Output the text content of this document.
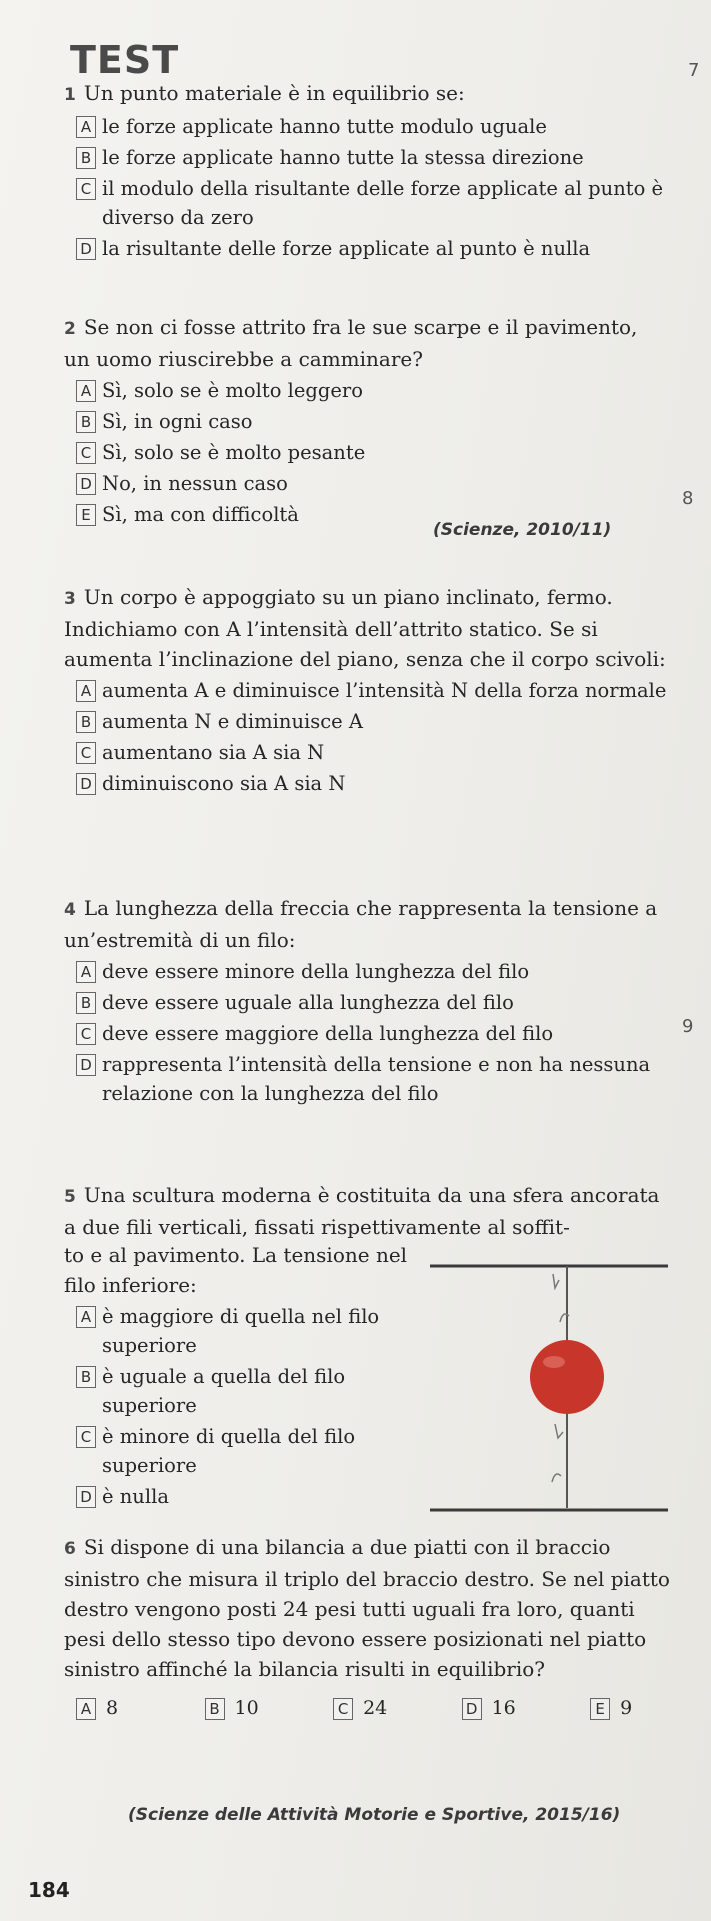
TEST	7
8
9

1 Un punto materiale è in equilibrio se:

A le forze applicate hanno tutte modulo uguale
B le forze applicate hanno tutte la stessa direzione
C il modulo della risultante delle forze applicate al punto è diverso da zero
D la risultante delle forze applicate al punto è nulla

2 Se non ci fosse attrito fra le sue scarpe e il pavimento, un uomo riuscirebbe a camminare?

A Sì, solo se è molto leggero
B Sì, in ogni caso
C Sì, solo se è molto pesante
D No, in nessun caso
E Sì, ma con difficoltà
(Scienze, 2010/11)

3 Un corpo è appoggiato su un piano inclinato, fermo. Indichiamo con A l’intensità dell’attrito statico. Se si aumenta l’inclinazione del piano, senza che il corpo scivoli:

A aumenta A e diminuisce l’intensità N della forza normale
B aumenta N e diminuisce A
C aumentano sia A sia N
D diminuiscono sia A sia N

4 La lunghezza della freccia che rappresenta la tensione a un’estremità di un filo:

A deve essere minore della lunghezza del filo
B deve essere uguale alla lunghezza del filo
C deve essere maggiore della lunghezza del filo
D rappresenta l’intensità della tensione e non ha nessuna relazione con la lunghezza del filo

5 Una scultura moderna è costituita da una sfera ancorata a due fili verticali, fissati rispettivamente al soffit-

to e al pavimento. La tensione nel filo inferiore:

A è maggiore di quella nel filo superiore
B è uguale a quella del filo superiore
C è minore di quella del filo superiore
D è nulla

6 Si dispone di una bilancia a due piatti con il braccio sinistro che misura il triplo del braccio destro. Se nel piatto destro vengono posti 24 pesi tutti uguali fra loro, quanti pesi dello stesso tipo devono essere posizionati nel piatto sinistro affinché la bilancia risulti in equilibrio?

A 8	B 10	C 24	D 16	E 9
(Scienze delle Attività Motorie e Sportive, 2015/16)
184
